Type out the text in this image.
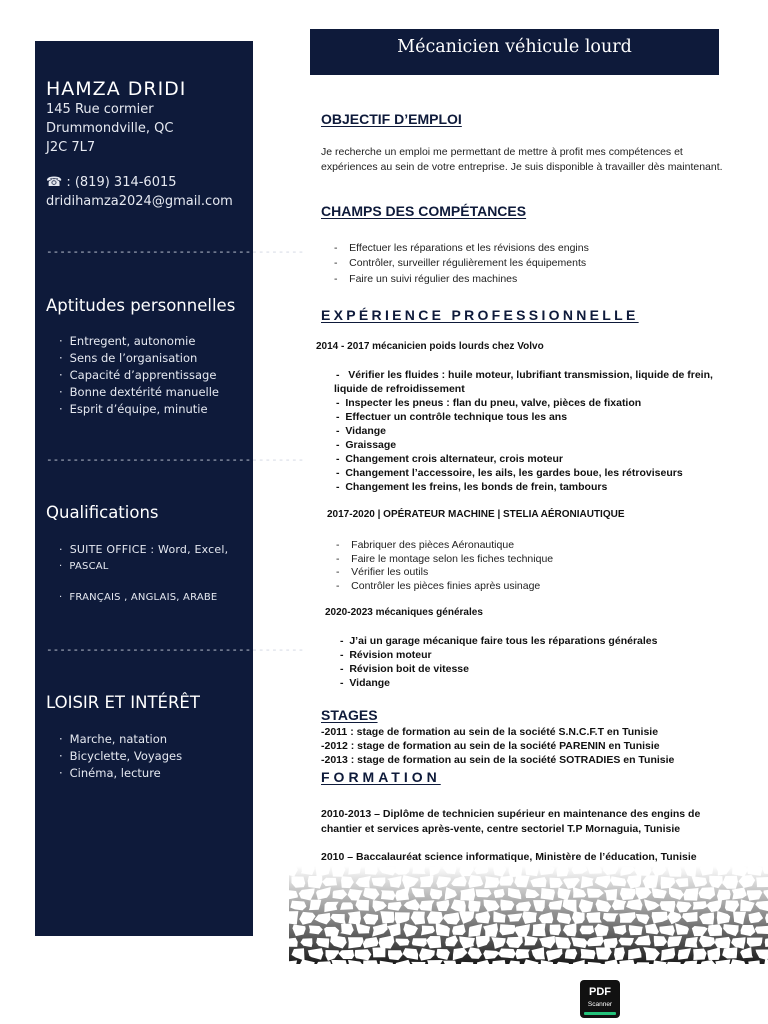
HAMZA DRIDI
145 Rue cormier
Drummondville, QC
J2C 7L7
☎ : (819) 314-6015
dridihamza2024@gmail.com
---------------------------------------
Aptitudes personnelles
· Entregent, autonomie
· Sens de l’organisation
· Capacité d’apprentissage
· Bonne dextérité manuelle
· Esprit d’équipe, minutie
---------------------------------------
Qualifications
· SUITE OFFICE : Word, Excel,
· PASCAL
· FRANÇAIS , ANGLAIS, ARABE
---------------------------------------
LOISIR ET INTÉRÊT
· Marche, natation
· Bicyclette, Voyages
· Cinéma, lecture
Mécanicien véhicule lourd
OBJECTIF D’EMPLOI
Je recherche un emploi me permettant de mettre à profit mes compétences et expériences au sein de votre entreprise. Je suis disponible à travailler dès maintenant.
CHAMPS DES COMPÉTANCES
-    Effectuer les réparations et les révisions des engins
-    Contrôler, surveiller régulièrement les équipements
-    Faire un suivi régulier des machines
EXPÉRIENCE PROFESSIONNELLE
2014 - 2017 mécanicien poids lourds chez Volvo
-   Vérifier les fluides : huile moteur, lubrifiant transmission, liquide de frein,
liquide de refroidissement
-  Inspecter les pneus : flan du pneu, valve, pièces de fixation
-  Effectuer un contrôle technique tous les ans
-  Vidange
-  Graissage
-  Changement crois alternateur, crois moteur
-  Changement l’accessoire, les ails, les gardes boue, les rétroviseurs
-  Changement les freins, les bonds de frein, tambours
2017-2020 | OPÉRATEUR MACHINE | STELIA AÉRONIAUTIQUE
-    Fabriquer des pièces Aéronautique
-    Faire le montage selon les fiches technique
-    Vérifier les outils
-    Contrôler les pièces finies après usinage
2020-2023 mécaniques générales
-  J’ai un garage mécanique faire tous les réparations générales
-  Révision moteur
-  Révision boit de vitesse
-  Vidange
STAGES
-2011 : stage de formation au sein de la société S.N.C.F.T en Tunisie
-2012 : stage de formation au sein de la société PARENIN en Tunisie
-2013 : stage de formation au sein de la société SOTRADIES en Tunisie
FORMATION
2010-2013 – Diplôme de technicien supérieur en maintenance des engins de
chantier et services après-vente, centre sectoriel T.P Mornaguia, Tunisie
2010 – Baccalauréat science informatique, Ministère de l’éducation, Tunisie
PDF
Scanner
